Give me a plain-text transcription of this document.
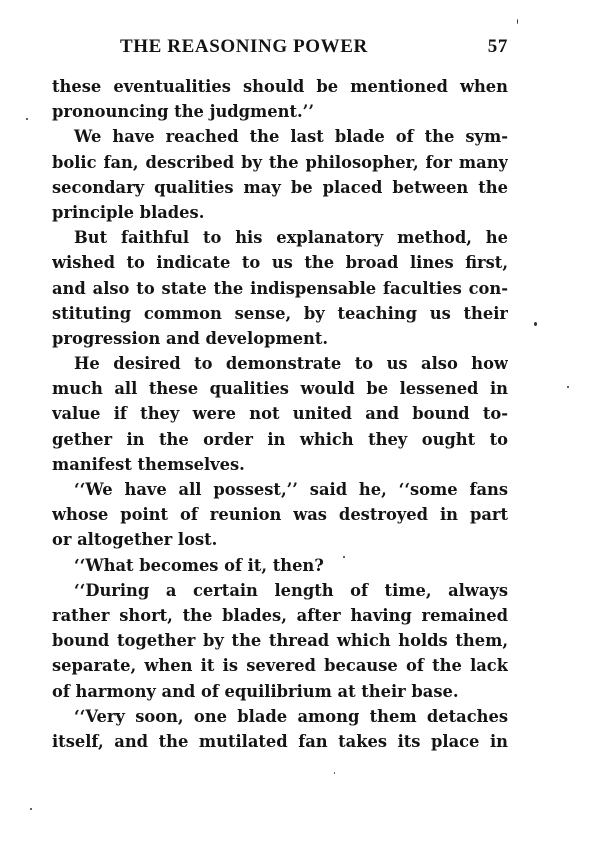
THE REASONING POWER	57
these eventualities should be mentioned when
pronouncing the judgment.’’
We have reached the last blade of the sym-
bolic fan, described by the philosopher, for many
secondary qualities may be placed between the
principle blades.
But faithful to his explanatory method, he
wished to indicate to us the broad lines first,
and also to state the indispensable faculties con-
stituting common sense, by teaching us their
progression and development.
He desired to demonstrate to us also how
much all these qualities would be lessened in
value if they were not united and bound to-
gether in the order in which they ought to
manifest themselves.
‘‘We have all possest,’’ said he, ‘‘some fans
whose point of reunion was destroyed in part
or altogether lost.
‘‘What becomes of it, then?
‘‘During a certain length of time, always
rather short, the blades, after having remained
bound together by the thread which holds them,
separate, when it is severed because of the lack
of harmony and of equilibrium at their base.
‘‘Very soon, one blade among them detaches
itself, and the mutilated fan takes its place in
